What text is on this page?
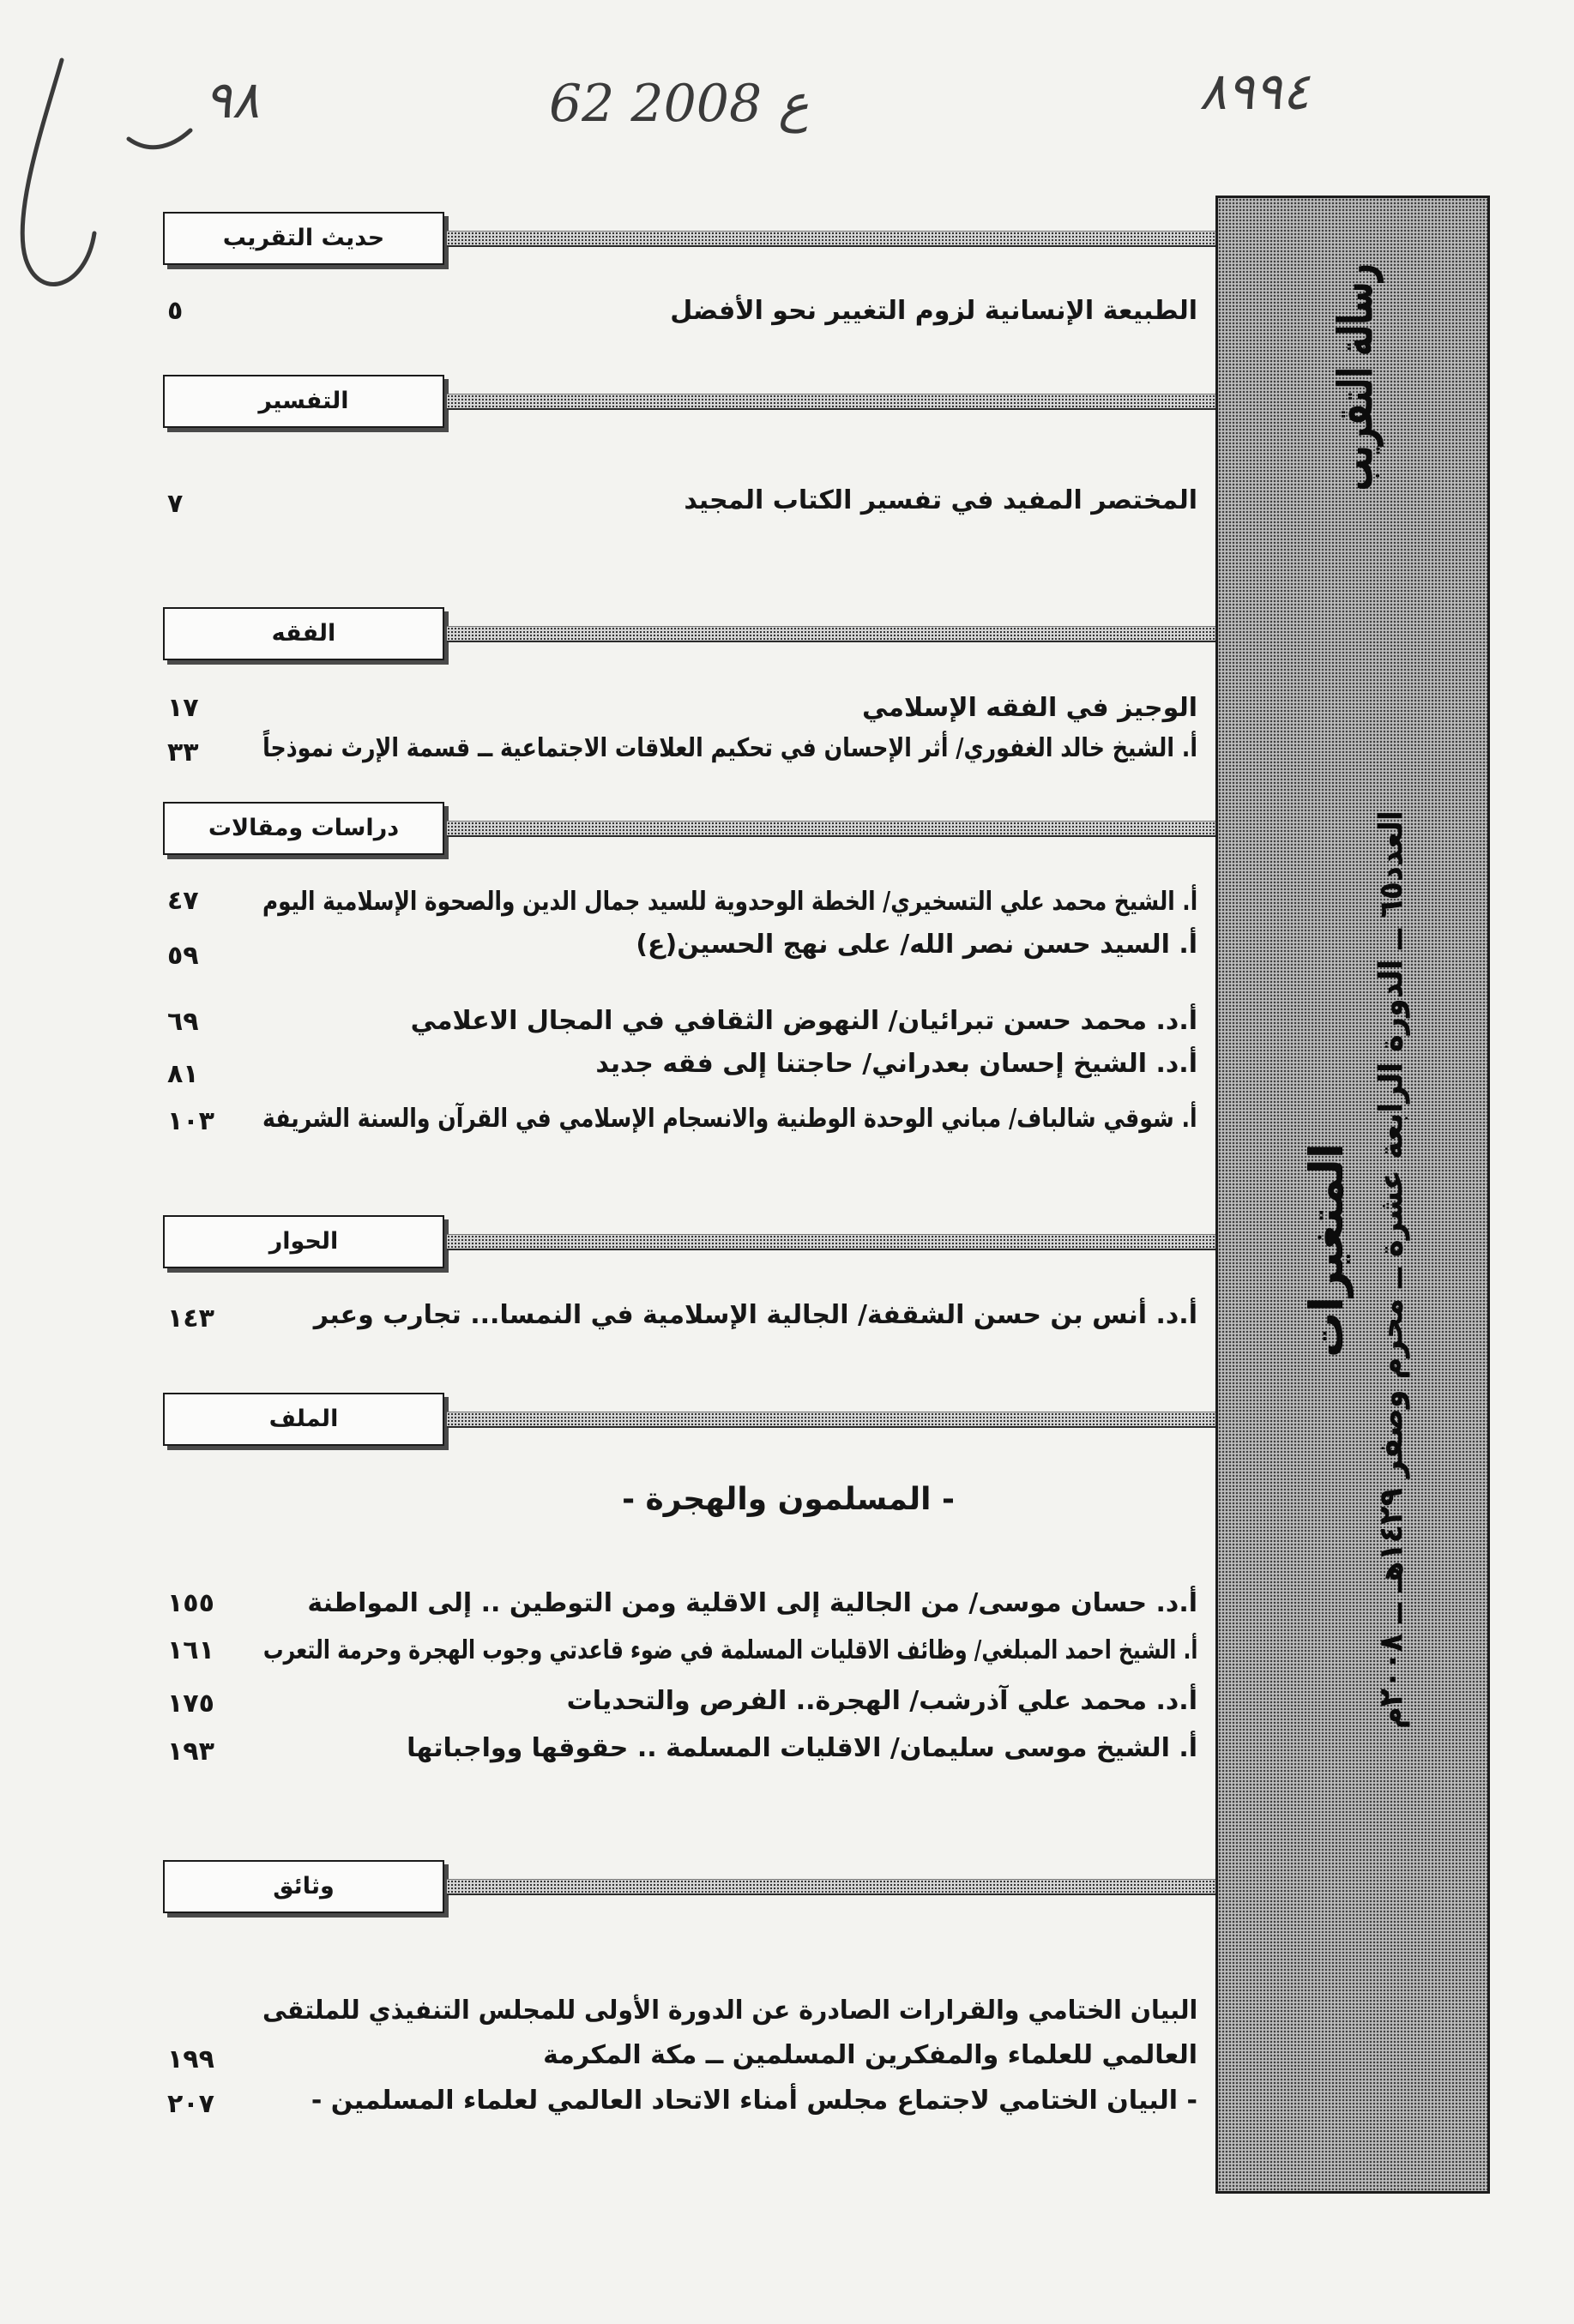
٩٨	62 ع 2008	٨٩٩٤
رسالة التقريب
المتغيرات
العدد٦٥ ــ الدورة الرابعة عشرة ــ محرم وصفر ١٤٢٩هـ ــ ٢٠٠٨م
حديث التقريب
الطبيعة الإنسانية لزوم التغيير نحو الأفضل
٥
التفسير
المختصر المفيد في تفسير الكتاب المجيد
٧
الفقه
الوجيز في الفقه الإسلامي
١٧
أ. الشيخ خالد الغفوري/ أثر الإحسان في تحكيم العلاقات الاجتماعية ــ قسمة الإرث نموذجاً
٣٣
دراسات ومقالات
أ. الشيخ محمد علي التسخيري/ الخطة الوحدوية للسيد جمال الدين والصحوة الإسلامية اليوم
٤٧
أ. السيد حسن نصر الله/ على نهج الحسين(ع)
٥٩
أ.د. محمد حسن تبرائيان/ النهوض الثقافي في المجال الاعلامي
٦٩
أ.د. الشيخ إحسان بعدراني/ حاجتنا إلى فقه جديد
٨١
أ. شوقي شالباف/ مباني الوحدة الوطنية والانسجام الإسلامي في القرآن والسنة الشريفة
١٠٣
الحوار
أ.د. أنس بن حسن الشقفة/ الجالية الإسلامية في النمسا... تجارب وعبر
١٤٣
الملف
- المسلمون والهجرة -
أ.د. حسان موسى/ من الجالية إلى الاقلية ومن التوطين .. إلى المواطنة
١٥٥
أ. الشيخ احمد المبلغي/ وظائف الاقليات المسلمة في ضوء قاعدتي وجوب الهجرة وحرمة التعرب
١٦١
أ.د. محمد علي آذرشب/ الهجرة.. الفرص والتحديات
١٧٥
أ. الشيخ موسى سليمان/ الاقليات المسلمة .. حقوقها وواجباتها
١٩٣
وثائق
البيان الختامي والقرارات الصادرة عن الدورة الأولى للمجلس التنفيذي للملتقى
العالمي للعلماء والمفكرين المسلمين ــ مكة المكرمة
١٩٩
- البيان الختامي لاجتماع مجلس أمناء الاتحاد العالمي لعلماء المسلمين -
٢٠٧
